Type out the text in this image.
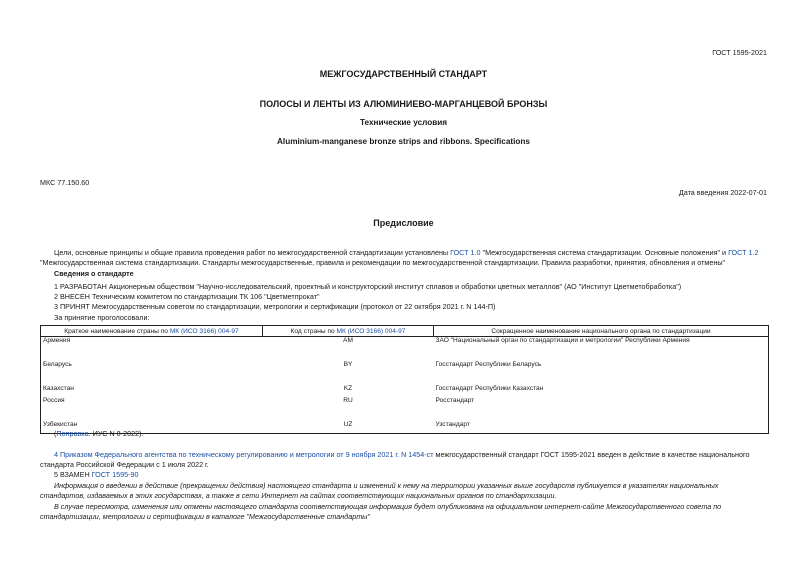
ГОСТ 1595-2021
МЕЖГОСУДАРСТВЕННЫЙ СТАНДАРТ
ПОЛОСЫ И ЛЕНТЫ ИЗ АЛЮМИНИЕВО-МАРГАНЦЕВОЙ БРОНЗЫ
Технические условия
Aluminium-manganese bronze strips and ribbons. Specifications
МКС 77.150.60
Дата введения 2022-07-01
Предисловие
Цели, основные принципы и общие правила проведения работ по межгосударственной стандартизации установлены ГОСТ 1.0 "Межгосударственная система стандартизации. Основные положения" и ГОСТ 1.2
"Межгосударственная система стандартизации. Стандарты межгосударственные, правила и рекомендации по межгосударственной стандартизации. Правила разработки, принятия, обновления и отмены"
Сведения о стандарте
1 РАЗРАБОТАН Акционерным обществом "Научно-исследовательский, проектный и конструкторский институт сплавов и обработки цветных металлов" (АО "Институт Цветметобработка")
2 ВНЕСЕН Техническим комитетом по стандартизации ТК 106 "Цветметпрокат"
3 ПРИНЯТ Межгосударственным советом по стандартизации, метрологии и сертификации (протокол от 22 октября 2021 г. N 144-П)
За принятие проголосовали:
Краткое наименование страны по МК (ИСО 3166) 004-97	Код страны по МК (ИСО 3166) 004-97	Сокращенное наименование национального органа по стандартизации
Армения	AM	ЗАО "Национальный орган по стандартизации и метрологии" Республики Армения

Беларусь	BY	Госстандарт Республики Беларусь

Казахстан	KZ	Госстандарт Республики Казахстан
Россия	RU	Росстандарт

Узбекистан	UZ	Узстандарт
(Поправка. ИУС N 8-2022).
4 Приказом Федерального агентства по техническому регулированию и метрологии от 9 ноября 2021 г. N 1454-ст межгосударственный стандарт ГОСТ 1595-2021 введен в действие в качестве национального
стандарта Российской Федерации с 1 июля 2022 г.
5 ВЗАМЕН ГОСТ 1595-90
Информация о введении в действие (прекращении действия) настоящего стандарта и изменений к нему на территории указанных выше государств публикуется в указателях национальных
стандартов, издаваемых в этих государствах, а также в сети Интернет на сайтах соответствующих национальных органов по стандартизации.
В случае пересмотра, изменения или отмены настоящего стандарта соответствующая информация будет опубликована на официальном интернет-сайте Межгосударственного совета по
стандартизации, метрологии и сертификации в каталоге "Межгосударственные стандарты"
